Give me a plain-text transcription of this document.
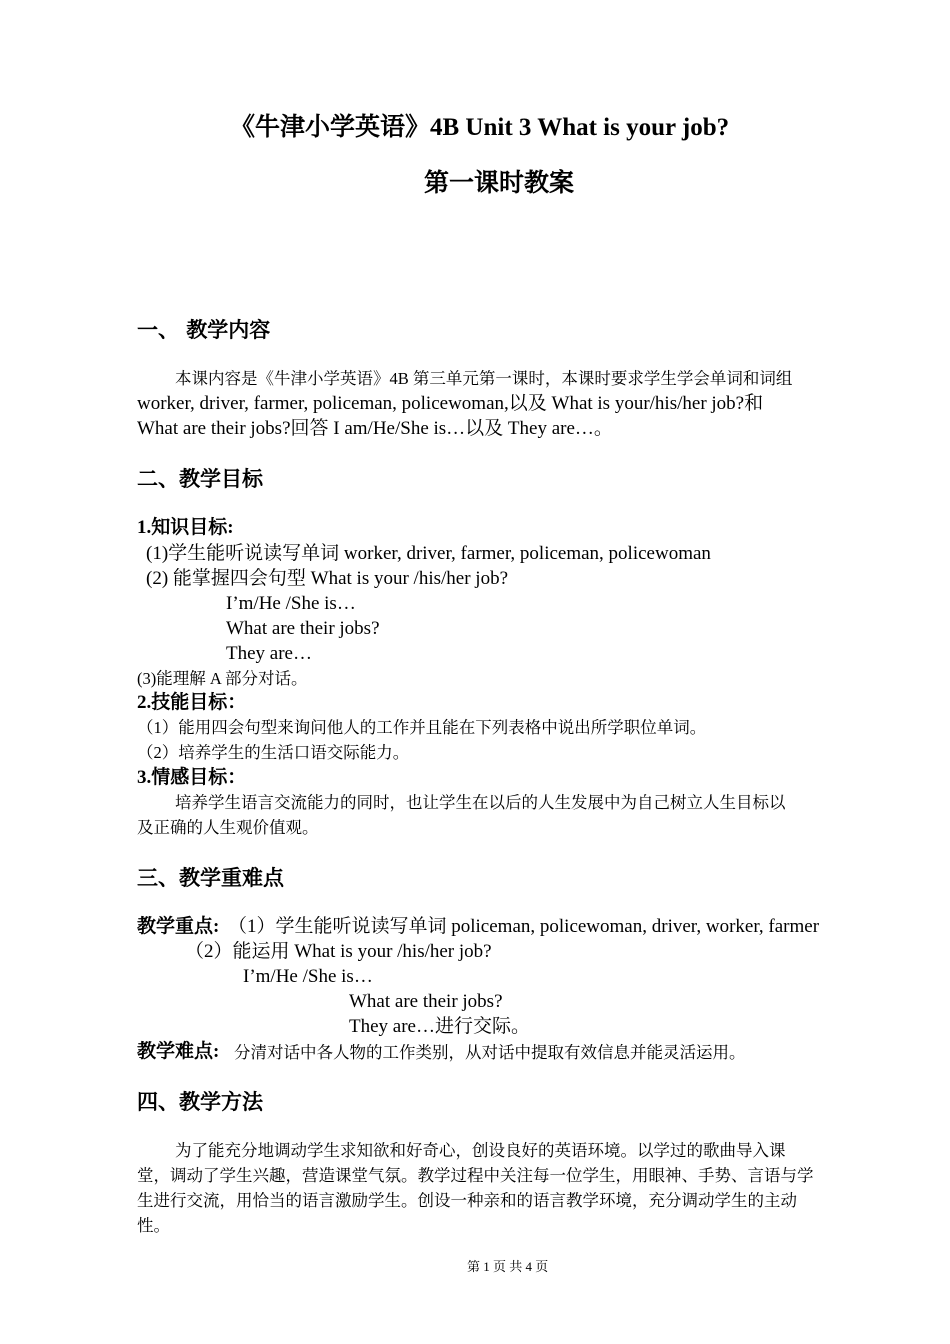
《牛津小学英语》4B Unit 3 What is your job?
第一课时教案
一、 教学内容
本课内容是《牛津小学英语》4B 第三单元第一课时，本课时要求学生学会单词和词组
worker, driver, farmer, policeman, policewoman,以及 What is your/his/her job?和
What are their jobs?回答 I am/He/She is…以及 They are…。
二、教学目标
1.知识目标:
(1)学生能听说读写单词 worker, driver, farmer, policeman, policewoman
(2) 能掌握四会句型 What is your /his/her job?
I’m/He /She is…
What are their jobs?
They are…
(3)能理解 A 部分对话。
2.技能目标：
（1）能用四会句型来询问他人的工作并且能在下列表格中说出所学职位单词。
（2）培养学生的生活口语交际能力。
3.情感目标：
培养学生语言交流能力的同时，也让学生在以后的人生发展中为自己树立人生目标以
及正确的人生观价值观。
三、教学重难点
教学重点: （1）学生能听说读写单词 policeman, policewoman, driver, worker, farmer
（2）能运用 What is your /his/her job?
I’m/He /She is…
What are their jobs?
They are…进行交际。
教学难点: 分清对话中各人物的工作类别，从对话中提取有效信息并能灵活运用。
四、教学方法
为了能充分地调动学生求知欲和好奇心，创设良好的英语环境。以学过的歌曲导入课
堂，调动了学生兴趣，营造课堂气氛。教学过程中关注每一位学生，用眼神、手势、言语与学
生进行交流，用恰当的语言激励学生。创设一种亲和的语言教学环境，充分调动学生的主动
性。
第 1 页 共 4 页
